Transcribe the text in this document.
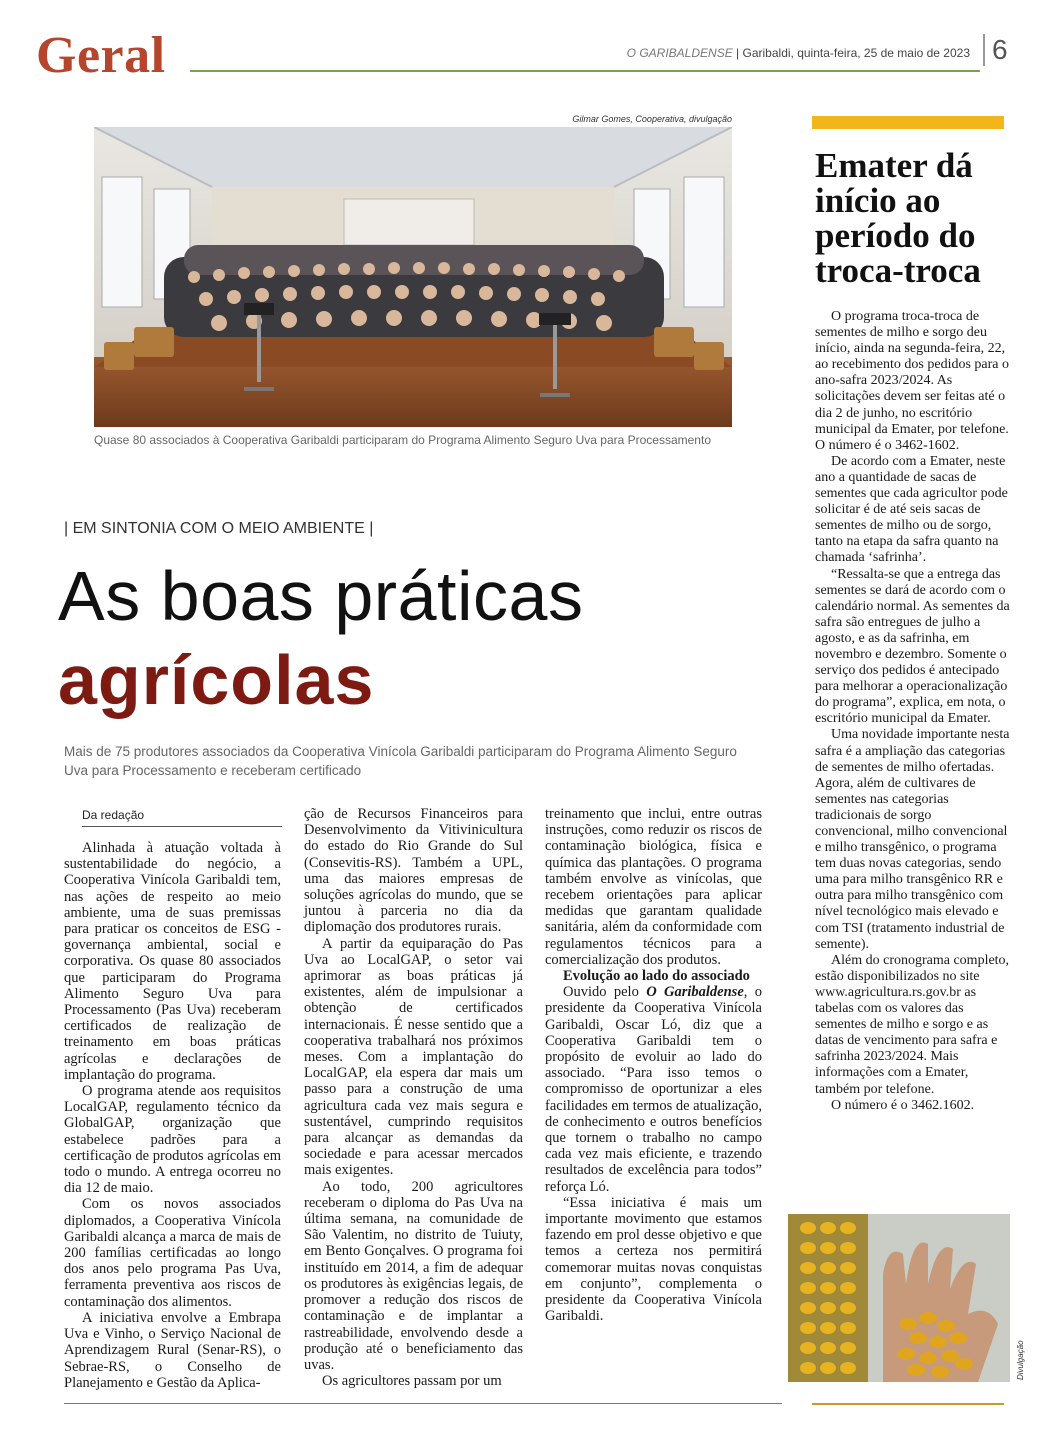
Geral	O GARIBALDENSE | Garibaldi, quinta-feira, 25 de maio de 2023 6
Gilmar Gomes, Cooperativa, divulgação
Quase 80 associados à Cooperativa Garibaldi participaram do Programa Alimento Seguro Uva para Processamento
| EM SINTONIA COM O MEIO AMBIENTE |
As boas práticas
agrícolas
Mais de 75 produtores associados da Cooperativa Vinícola Garibaldi participaram do Programa Alimento Seguro Uva para Processamento e receberam certificado
Da redação

Alinhada à atuação voltada à sustentabilidade do negócio, a Cooperativa Vinícola Garibaldi tem, nas ações de respeito ao meio ambiente, uma de suas premissas para praticar os conceitos de ESG - governança ambiental, social e corporativa. Os quase 80 associados que participaram do Programa Alimento Seguro Uva para Processamento (Pas Uva) receberam certificados de realização de treinamento em boas práticas agrícolas e declarações de implantação do programa.

O programa atende aos requisitos LocalGAP, regulamento técnico da GlobalGAP, organização que estabelece padrões para a certificação de produtos agrícolas em todo o mundo. A entrega ocorreu no dia 12 de maio.

Com os novos associados diplomados, a Cooperativa Vinícola Garibaldi alcança a marca de mais de 200 famílias certificadas ao longo dos anos pelo programa Pas Uva, ferramenta preventiva aos riscos de contaminação dos alimentos.

A iniciativa envolve a Embrapa Uva e Vinho, o Serviço Nacional de Aprendizagem Rural (Senar-RS), o Sebrae-RS, o Conselho de Planejamento e Gestão da Aplica-

ção de Recursos Financeiros para Desenvolvimento da Vitivinicultura do estado do Rio Grande do Sul (Consevitis-RS). Também a UPL, uma das maiores empresas de soluções agrícolas do mundo, que se juntou à parceria no dia da diplomação dos produtores rurais.

A partir da equiparação do Pas Uva ao LocalGAP, o setor vai aprimorar as boas práticas já existentes, além de impulsionar a obtenção de certificados internacionais. É nesse sentido que a cooperativa trabalhará nos próximos meses. Com a implantação do LocalGAP, ela espera dar mais um passo para a construção de uma agricultura cada vez mais segura e sustentável, cumprindo requisitos para alcançar as demandas da sociedade e para acessar mercados mais exigentes.

Ao todo, 200 agricultores receberam o diploma do Pas Uva na última semana, na comunidade de São Valentim, no distrito de Tuiuty, em Bento Gonçalves. O programa foi instituído em 2014, a fim de adequar os produtores às exigências legais, de promover a redução dos riscos de contaminação e de implantar a rastreabilidade, envolvendo desde a produção até o beneficiamento das uvas.

Os agricultores passam por um

treinamento que inclui, entre outras instruções, como reduzir os riscos de contaminação biológica, física e química das plantações. O programa também envolve as vinícolas, que recebem orientações para aplicar medidas que garantam qualidade sanitária, além da conformidade com regulamentos técnicos para a comercialização dos produtos.

Evolução ao lado do associado

Ouvido pelo O Garibaldense, o presidente da Cooperativa Vinícola Garibaldi, Oscar Ló, diz que a Cooperativa Garibaldi tem o propósito de evoluir ao lado do associado. “Para isso temos o compromisso de oportunizar a eles facilidades em termos de atualização, de conhecimento e outros benefícios que tornem o trabalho no campo cada vez mais eficiente, e trazendo resultados de excelência para todos” reforça Ló.

“Essa iniciativa é mais um importante movimento que estamos fazendo em prol desse objetivo e que temos a certeza nos permitirá comemorar muitas novas conquistas em conjunto”, complementa o presidente da Cooperativa Vinícola Garibaldi.

Emater dá início ao período do troca-troca

O programa troca-troca de sementes de milho e sorgo deu início, ainda na segunda-feira, 22, ao recebimento dos pedidos para o ano-safra 2023/2024. As solicitações devem ser feitas até o dia 2 de junho, no escritório municipal da Emater, por telefone. O número é o 3462-1602.

De acordo com a Emater, neste ano a quantidade de sacas de sementes que cada agricultor pode solicitar é de até seis sacas de sementes de milho ou de sorgo, tanto na etapa da safra quanto na chamada ‘safrinha’.

“Ressalta-se que a entrega das sementes se dará de acordo com o calendário normal. As sementes da safra são entregues de julho a agosto, e as da safrinha, em novembro e dezembro. Somente o serviço dos pedidos é antecipado para melhorar a operacionalização do programa”, explica, em nota, o escritório municipal da Emater.

Uma novidade importante nesta safra é a ampliação das categorias de sementes de milho ofertadas. Agora, além de cultivares de sementes nas categorias tradicionais de sorgo convencional, milho convencional e milho transgênico, o programa tem duas novas categorias, sendo uma para milho transgênico RR e outra para milho transgênico com nível tecnológico mais elevado e com TSI (tratamento industrial de semente).

Além do cronograma completo, estão disponibilizados no site www.agricultura.rs.gov.br as tabelas com os valores das sementes de milho e sorgo e as datas de vencimento para safra e safrinha 2023/2024. Mais informações com a Emater, também por telefone.

O número é o 3462.1602.

Divulgação
